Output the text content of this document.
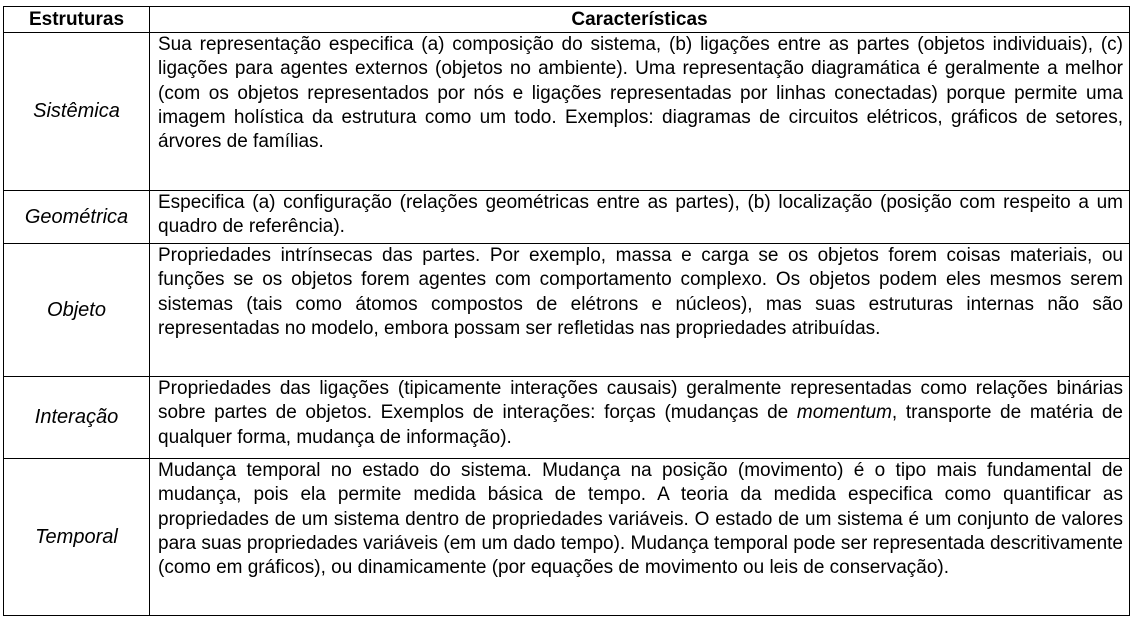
Estruturas	Características
Sistêmica	Sua representação especifica (a) composição do sistema, (b) ligações entre as partes (objetos individuais), (c) ligações para agentes externos (objetos no ambiente). Uma representação diagramática é geralmente a melhor (com os objetos representados por nós e ligações representadas por linhas conectadas) porque permite uma imagem holística da estrutura como um todo. Exemplos: diagramas de circuitos elétricos, gráficos de setores, árvores de famílias.

Geométrica	Especifica (a) configuração (relações geométricas entre as partes), (b) localização (posição com respeito a um quadro de referência).

Objeto	Propriedades intrínsecas das partes. Por exemplo, massa e carga se os objetos forem coisas materiais, ou funções se os objetos forem agentes com comportamento complexo. Os objetos podem eles mesmos serem sistemas (tais como átomos compostos de elétrons e núcleos), mas suas estruturas internas não são representadas no modelo, embora possam ser refletidas nas propriedades atribuídas.

Interação	Propriedades das ligações (tipicamente interações causais) geralmente representadas como relações binárias sobre partes de objetos. Exemplos de interações: forças (mudanças de momentum, transporte de matéria de qualquer forma, mudança de informação).

Temporal	Mudança temporal no estado do sistema. Mudança na posição (movimento) é o tipo mais fundamental de mudança, pois ela permite medida básica de tempo. A teoria da medida especifica como quantificar as propriedades de um sistema dentro de propriedades variáveis. O estado de um sistema é um conjunto de valores para suas propriedades variáveis (em um dado tempo). Mudança temporal pode ser representada descritivamente (como em gráficos), ou dinamicamente (por equações de movimento ou leis de conservação).
